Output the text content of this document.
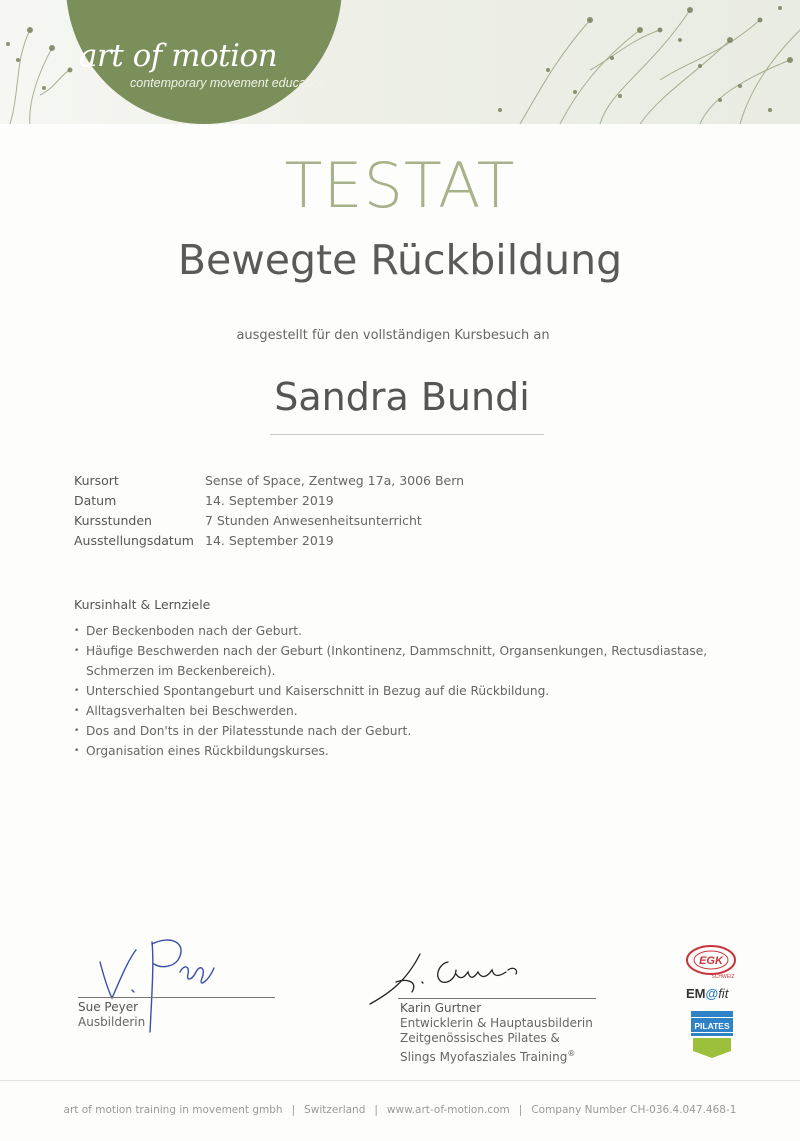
art of motion
contemporary movement education
TESTAT
Bewegte Rückbildung
ausgestellt für den vollständigen Kursbesuch an
Sandra Bundi
Kursort	Sense of Space, Zentweg 17a, 3006 Bern
Datum	14. September 2019
Kursstunden	7 Stunden Anwesenheitsunterricht
Ausstellungsdatum 14. September 2019
Kursinhalt & Lernziele
• Der Beckenboden nach der Geburt.
• Häufige Beschwerden nach der Geburt (Inkontinenz, Dammschnitt, Organsenkungen, Rectusdiastase, Schmerzen im Beckenbereich).
• Unterschied Spontangeburt und Kaiserschnitt in Bezug auf die Rückbildung.
• Alltagsverhalten bei Beschwerden.
• Dos and Don'ts in der Pilatesstunde nach der Geburt.
• Organisation eines Rückbildungskurses.
Sue Peyer
Ausbilderin
Karin Gurtner
Entwicklerin & Hauptausbilderin
Zeitgenössisches Pilates &
Slings Myofasziales Training®
EGK
SCHWEIZ
EM@fit
PILATES
art of motion training in movement gmbh | Switzerland | www.art-of-motion.com | Company Number CH-036.4.047.468-1
